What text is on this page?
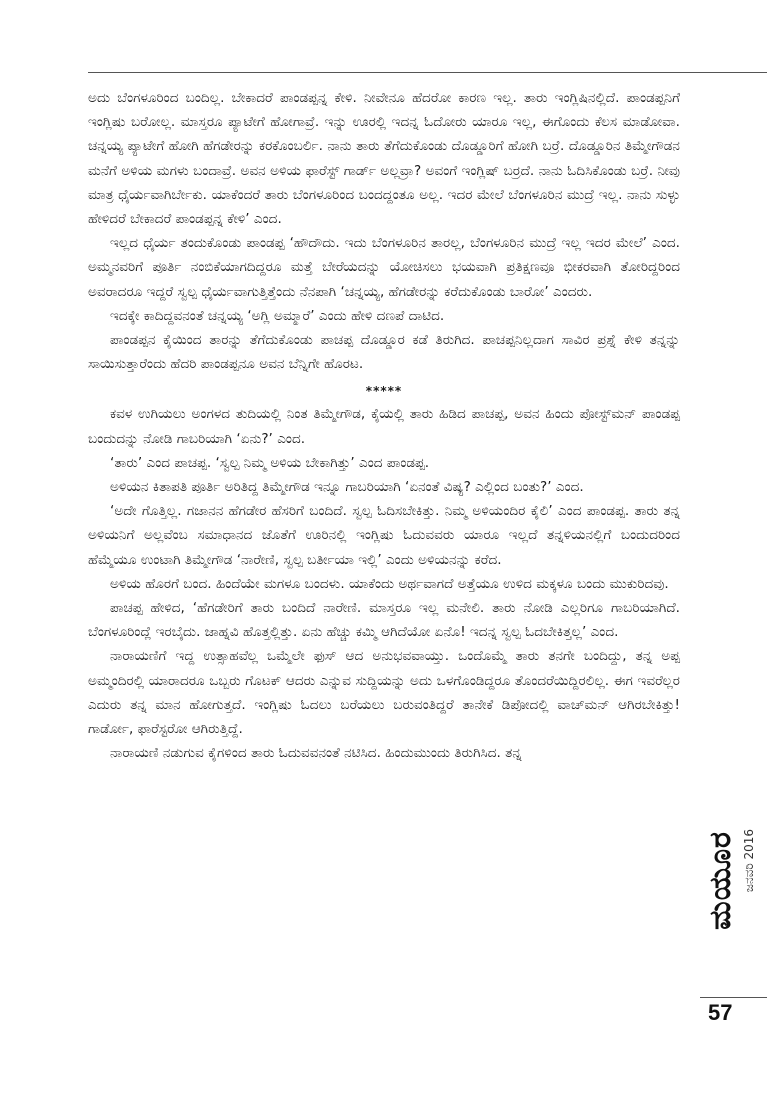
ಅದು ಬೆಂಗಳೂರಿಂದ ಬಂದಿಲ್ಲ. ಬೇಕಾದರೆ ಪಾಂಡಪ್ಪನ್ನ ಕೇಳಿ. ನೀವೇನೂ ಹೆದರೋ ಕಾರಣ ಇಲ್ಲ. ತಾರು ಇಂಗ್ಲಿಷಿನಲ್ಲಿದೆ. ಪಾಂಡಪ್ಪನಿಗೆ ಇಂಗ್ಲಿಷು ಬರೋಲ್ಲ. ಮಾಸ್ತರೂ ಪ್ಯಾಟೇಗೆ ಹೋಗಾವ್ರೆ. ಇನ್ನು ಊರಲ್ಲಿ ಇದನ್ನ ಓದೋರು ಯಾರೂ ಇಲ್ಲ, ಈಗೊಂದು ಕೆಲಸ ಮಾಡೋವಾ. ಚನ್ನಯ್ಯ ಪ್ಯಾಟೇಗೆ ಹೋಗಿ ಹೆಗಡೇರನ್ನು ಕರಕೊಂಬರ್ಲಿ. ನಾನು ತಾರು ತೆಗೆದುಕೊಂಡು ದೊಡ್ಡೂರಿಗೆ ಹೋಗಿ ಬರ್ರೆ. ದೊಡ್ಡೂರಿನ ತಿಮ್ಮೇಗೌಡನ ಮನೆಗೆ ಅಳಿಯ ಮಗಳು ಬಂದಾವ್ರೆ. ಅವನ ಅಳಿಯ ಫಾರೆಸ್ಟ್ ಗಾರ್ಡ್ ಅಲ್ಲವ್ರಾ? ಅವಂಗೆ ಇಂಗ್ಲಿಷ್ ಬರ್ರದೆ. ನಾನು ಓದಿಸಿಕೊಂಡು ಬರ್ರೆ. ನೀವು ಮಾತ್ರ ಧೈರ್ಯವಾಗಿರ್ಬೇಕು. ಯಾಕೆಂದರೆ ತಾರು ಬೆಂಗಳೂರಿಂದ ಬಂದದ್ದಂತೂ ಅಲ್ಲ. ಇದರ ಮೇಲೆ ಬೆಂಗಳೂರಿನ ಮುದ್ರೆ ಇಲ್ಲ. ನಾನು ಸುಳ್ಳು ಹೇಳಿದರೆ ಬೇಕಾದರೆ ಪಾಂಡಪ್ಪನ್ನ ಕೇಳಿ’ ಎಂದ.

ಇಲ್ಲದ ಧೈರ್ಯ ತಂದುಕೊಂಡು ಪಾಂಡಪ್ಪ ‘ಹೌದೌದು. ಇದು ಬೆಂಗಳೂರಿನ ತಾರಲ್ಲ, ಬೆಂಗಳೂರಿನ ಮುದ್ರೆ ಇಲ್ಲ ಇದರ ಮೇಲೆ’ ಎಂದ. ಅಮ್ಮನವರಿಗೆ ಪೂರ್ತಿ ನಂಬಿಕೆಯಾಗದಿದ್ದರೂ ಮತ್ತೆ ಬೇರೆಯದನ್ನು ಯೋಚಿಸಲು ಭಯವಾಗಿ ಪ್ರತಿಕ್ಷಣವೂ ಭೀಕರವಾಗಿ ತೋರಿದ್ದರಿಂದ ಅವರಾದರೂ ಇದ್ದರೆ ಸ್ವಲ್ಪ ಧೈರ್ಯವಾಗುತ್ತಿತ್ತೆಂದು ನೆನಪಾಗಿ ‘ಚನ್ನಯ್ಯ, ಹೆಗಡೇರನ್ನು ಕರೆದುಕೊಂಡು ಬಾರೋ’ ಎಂದರು.

ಇದಕ್ಕೇ ಕಾದಿದ್ದವನಂತೆ ಚನ್ನಯ್ಯ ‘ಅಗ್ಲಿ ಅಮ್ಮಾರೆ’ ಎಂದು ಹೇಳಿ ದಣಪೆ ದಾಟಿದ.

ಪಾಂಡಪ್ಪನ ಕೈಯಿಂದ ತಾರನ್ನು ತೆಗೆದುಕೊಂಡು ಪಾಚಪ್ಪ ದೊಡ್ಡೂರ ಕಡೆ ತಿರುಗಿದ. ಪಾಚಪ್ಪನಿಲ್ಲದಾಗ ಸಾವಿರ ಪ್ರಶ್ನೆ ಕೇಳಿ ತನ್ನನ್ನು ಸಾಯಿಸುತ್ತಾರೆಂದು ಹೆದರಿ ಪಾಂಡಪ್ಪನೂ ಅವನ ಬೆನ್ನಿಗೇ ಹೊರಟ.

*****

ಕವಳ ಉಗಿಯಲು ಅಂಗಳದ ತುದಿಯಲ್ಲಿ ನಿಂತ ತಿಮ್ಮೇಗೌಡ, ಕೈಯಲ್ಲಿ ತಾರು ಹಿಡಿದ ಪಾಚಪ್ಪ, ಅವನ ಹಿಂದು ಪೋಸ್ಟ್‌ಮನ್ ಪಾಂಡಪ್ಪ ಬಂದುದನ್ನು ನೋಡಿ ಗಾಬರಿಯಾಗಿ ‘ಏನು?’ ಎಂದ.

‘ತಾರು’ ಎಂದ ಪಾಚಪ್ಪ. ‘ಸ್ವಲ್ಪ ನಿಮ್ಮ ಅಳಿಯ ಬೇಕಾಗಿತ್ತು’ ಎಂದ ಪಾಂಡಪ್ಪ.

ಅಳಿಯನ ಕಿತಾಪತಿ ಪೂರ್ತಿ ಅರಿತಿದ್ದ ತಿಮ್ಮೇಗೌಡ ಇನ್ನೂ ಗಾಬರಿಯಾಗಿ ‘ಏನಂತೆ ವಿಷ್ಯ? ಎಲ್ಲಿಂದ ಬಂತು?’ ಎಂದ.

‘ಅದೇ ಗೊತ್ತಿಲ್ಲ. ಗಜಾನನ ಹೆಗಡೇರ ಹೆಸರಿಗೆ ಬಂದಿದೆ. ಸ್ವಲ್ಪ ಓದಿಸಬೇಕಿತ್ತು. ನಿಮ್ಮ ಅಳಿಯಂದಿರ ಕೈಲಿ’ ಎಂದ ಪಾಂಡಪ್ಪ. ತಾರು ತನ್ನ ಅಳಿಯನಿಗೆ ಅಲ್ಲವೆಂಬ ಸಮಾಧಾನದ ಜೊತೆಗೆ ಊರಿನಲ್ಲಿ ಇಂಗ್ಲಿಷು ಓದುವವರು ಯಾರೂ ಇಲ್ಲದೆ ತನ್ನಳಿಯನಲ್ಲಿಗೆ ಬಂದುದರಿಂದ ಹೆಮ್ಮೆಯೂ ಉಂಟಾಗಿ ತಿಮ್ಮೇಗೌಡ ‘ನಾರೇಣಿ, ಸ್ವಲ್ಪ ಬರ್ತೀಯಾ ಇಲ್ಲಿ’ ಎಂದು ಅಳಿಯನನ್ನು ಕರೆದ.

ಅಳಿಯ ಹೊರಗೆ ಬಂದ. ಹಿಂದೆಯೇ ಮಗಳೂ ಬಂದಳು. ಯಾಕೆಂದು ಅರ್ಥವಾಗದೆ ಅತ್ತೆಯೂ ಉಳಿದ ಮಕ್ಕಳೂ ಬಂದು ಮುಕುರಿದವು.

ಪಾಚಪ್ಪ ಹೇಳಿದ, ‘ಹೆಗಡೇರಿಗೆ ತಾರು ಬಂದಿದೆ ನಾರೇಣಿ. ಮಾಸ್ತರೂ ಇಲ್ಲ ಮನೇಲಿ. ತಾರು ನೋಡಿ ಎಲ್ಲರಿಗೂ ಗಾಬರಿಯಾಗಿದೆ. ಬೆಂಗಳೂರಿಂದ್ಲೆ ಇರಬೈದು. ಜಾಹ್ನವಿ ಹೊತ್ತಲ್ಲಿತ್ತು. ಏನು ಹೆಚ್ಚು ಕಮ್ಮಿ ಆಗಿದೆಯೋ ಏನೊ! ಇದನ್ನ ಸ್ವಲ್ಪ ಓದಬೇಕಿತ್ತಲ್ಲ’ ಎಂದ.

ನಾರಾಯಣಿಗೆ ಇದ್ದ ಉತ್ಸಾಹವೆಲ್ಲ ಒಮ್ಮೆಲೇ ಫುಸ್ ಆದ ಅನುಭವವಾಯ್ತು. ಒಂದೊಮ್ಮೆ ತಾರು ತನಗೇ ಬಂದಿದ್ದು, ತನ್ನ ಅಪ್ಪ ಅಮ್ಮಂದಿರಲ್ಲಿ ಯಾರಾದರೂ ಒಬ್ಬರು ಗೊಟಕ್ ಆದರು ಎನ್ನುವ ಸುದ್ದಿಯನ್ನು ಅದು ಒಳಗೊಂಡಿದ್ದರೂ ತೊಂದರೆಯಿದ್ದಿರಲಿಲ್ಲ. ಈಗ ಇವರೆಲ್ಲರ ಎದುರು ತನ್ನ ಮಾನ ಹೋಗುತ್ತದೆ. ಇಂಗ್ಲಿಷು ಓದಲು ಬರೆಯಲು ಬರುವಂತಿದ್ದರೆ ತಾನೇಕೆ ಡಿಪೋದಲ್ಲಿ ವಾಚ್‌ಮನ್ ಆಗಿರಬೇಕಿತ್ತು! ಗಾರ್ಡೋ, ಫಾರೆಸ್ಟರೋ ಆಗಿರುತ್ತಿದ್ದೆ.

ನಾರಾಯಣಿ ನಡುಗುವ ಕೈಗಳಿಂದ ತಾರು ಓದುವವನಂತೆ ನಟಿಸಿದ. ಹಿಂದುಮುಂದು ತಿರುಗಿಸಿದ. ತನ್ನ

ಮಯೂರ ಜನವರಿ 2016
57
